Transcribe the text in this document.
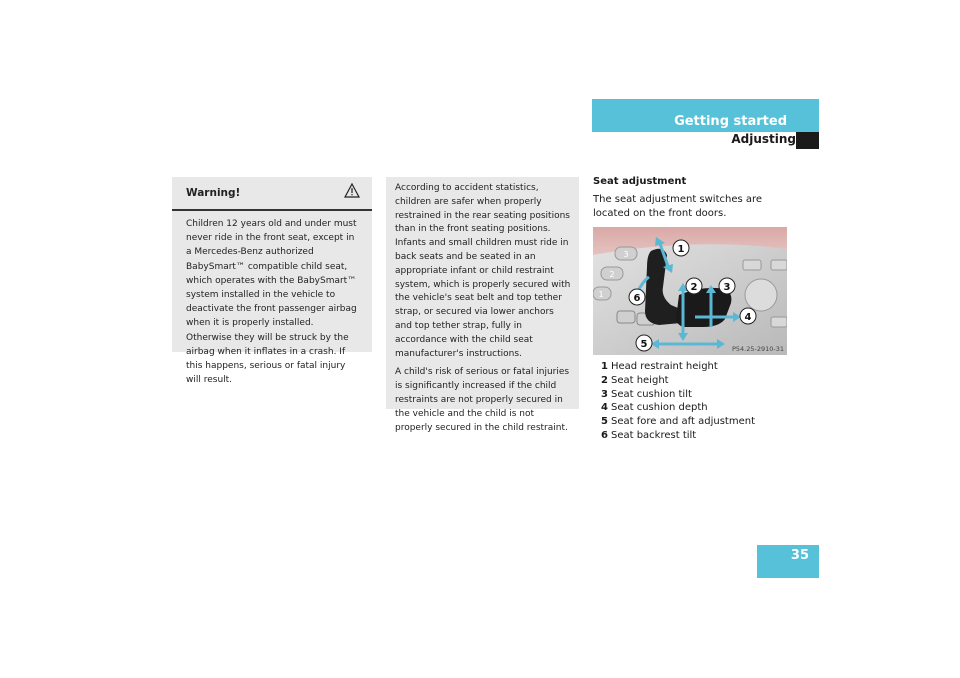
Getting started
Adjusting
Warning!
Children 12 years old and under must never ride in the front seat, except in a Mercedes-Benz authorized BabySmart™ compatible child seat, which operates with the BabySmart™ system installed in the vehicle to deactivate the front passenger airbag when it is properly installed. Otherwise they will be struck by the airbag when it inflates in a crash. If this happens, serious or fatal injury will result.

According to accident statistics, children are safer when properly restrained in the rear seating positions than in the front seating positions. Infants and small children must ride in back seats and be seated in an appropriate infant or child restraint system, which is properly secured with the vehicle's seat belt and top tether strap, or secured via lower anchors and top tether strap, fully in accordance with the child seat manufacturer's instructions.

A child's risk of serious or fatal injuries is significantly increased if the child restraints are not properly secured in the vehicle and the child is not properly secured in the child restraint.

Seat adjustment
The seat adjustment switches are located on the front doors.
3
2
1
1
2	3
4
5
6
P54.25-2910-31
1 Head restraint height
2 Seat height
3 Seat cushion tilt
4 Seat cushion depth
5 Seat fore and aft adjustment
6 Seat backrest tilt
35
